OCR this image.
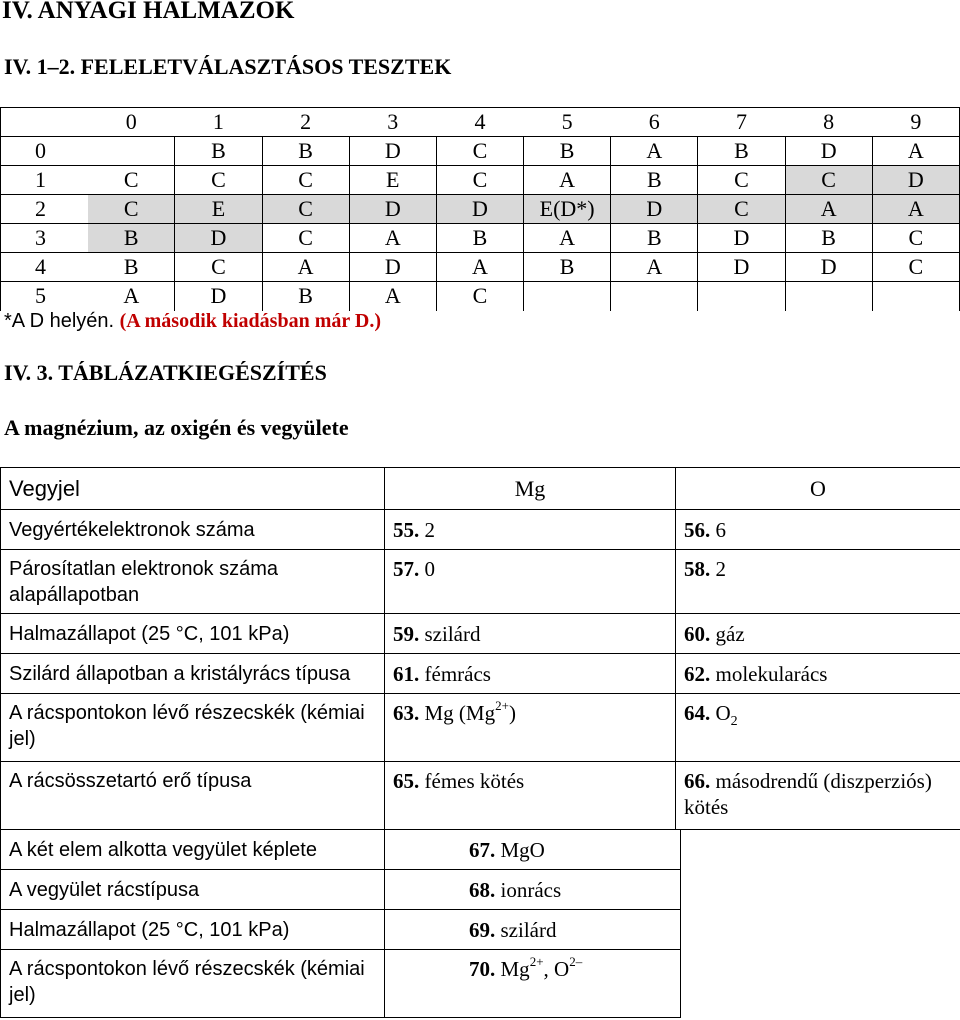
IV. ANYAGI HALMAZOK
IV. 1–2. FELELETVÁLASZTÁSOS TESZTEK
	0	1	2	3	4	5	6	7	8	9
0		B	B	D	C	B	A	B	D	A
1	C	C	C	E	C	A	B	C	C	D
2	C	E	C	D	D	E(D*)	D	C	A	A
3	B	D	C	A	B	A	B	D	B	C
4	B	C	A	D	A	B	A	D	D	C
5	A	D	B	A	C					
*A D helyén. (A második kiadásban már D.)
IV. 3. TÁBLÁZATKIEGÉSZÍTÉS
A magnézium, az oxigén és vegyülete
Vegyjel	Mg	O
Vegyértékelektronok száma	55. 2	56. 6
Párosítatlan elektronok száma alapállapotban	57. 0	58. 2
Halmazállapot (25 °C, 101 kPa)	59. szilárd	60. gáz
Szilárd állapotban a kristályrács típusa	61. fémrács	62. molekularács
A rácspontokon lévő részecskék (kémiai jel)	63. Mg $(Mg^{2+})$	64. $O_2$
A rácsösszetartó erő típusa	65. fémes kötés	66. másodrendű (diszperziós) kötés
A két elem alkotta vegyület képlete	67. MgO
A vegyület rácstípusa	68. ionrács
Halmazállapot (25 °C, 101 kPa)	69. szilárd
A rácspontokon lévő részecskék (kémiai jel)	70. $Mg^{2+}$, $O^{2-}$
